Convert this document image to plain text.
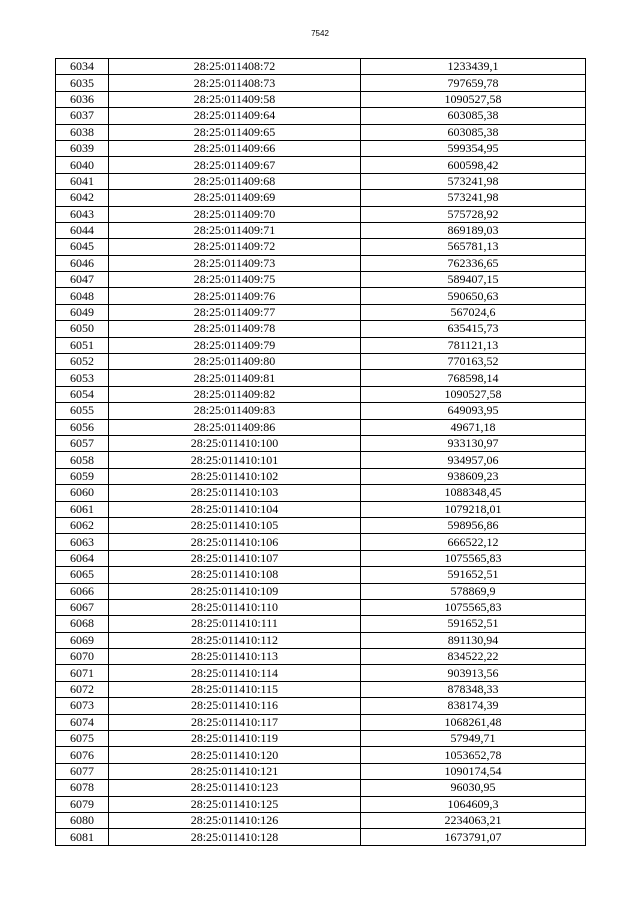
7542
6034	28:25:011408:72	1233439,1
6035	28:25:011408:73	797659,78
6036	28:25:011409:58	1090527,58
6037	28:25:011409:64	603085,38
6038	28:25:011409:65	603085,38
6039	28:25:011409:66	599354,95
6040	28:25:011409:67	600598,42
6041	28:25:011409:68	573241,98
6042	28:25:011409:69	573241,98
6043	28:25:011409:70	575728,92
6044	28:25:011409:71	869189,03
6045	28:25:011409:72	565781,13
6046	28:25:011409:73	762336,65
6047	28:25:011409:75	589407,15
6048	28:25:011409:76	590650,63
6049	28:25:011409:77	567024,6
6050	28:25:011409:78	635415,73
6051	28:25:011409:79	781121,13
6052	28:25:011409:80	770163,52
6053	28:25:011409:81	768598,14
6054	28:25:011409:82	1090527,58
6055	28:25:011409:83	649093,95
6056	28:25:011409:86	49671,18
6057	28:25:011410:100	933130,97
6058	28:25:011410:101	934957,06
6059	28:25:011410:102	938609,23
6060	28:25:011410:103	1088348,45
6061	28:25:011410:104	1079218,01
6062	28:25:011410:105	598956,86
6063	28:25:011410:106	666522,12
6064	28:25:011410:107	1075565,83
6065	28:25:011410:108	591652,51
6066	28:25:011410:109	578869,9
6067	28:25:011410:110	1075565,83
6068	28:25:011410:111	591652,51
6069	28:25:011410:112	891130,94
6070	28:25:011410:113	834522,22
6071	28:25:011410:114	903913,56
6072	28:25:011410:115	878348,33
6073	28:25:011410:116	838174,39
6074	28:25:011410:117	1068261,48
6075	28:25:011410:119	57949,71
6076	28:25:011410:120	1053652,78
6077	28:25:011410:121	1090174,54
6078	28:25:011410:123	96030,95
6079	28:25:011410:125	1064609,3
6080	28:25:011410:126	2234063,21
6081	28:25:011410:128	1673791,07
